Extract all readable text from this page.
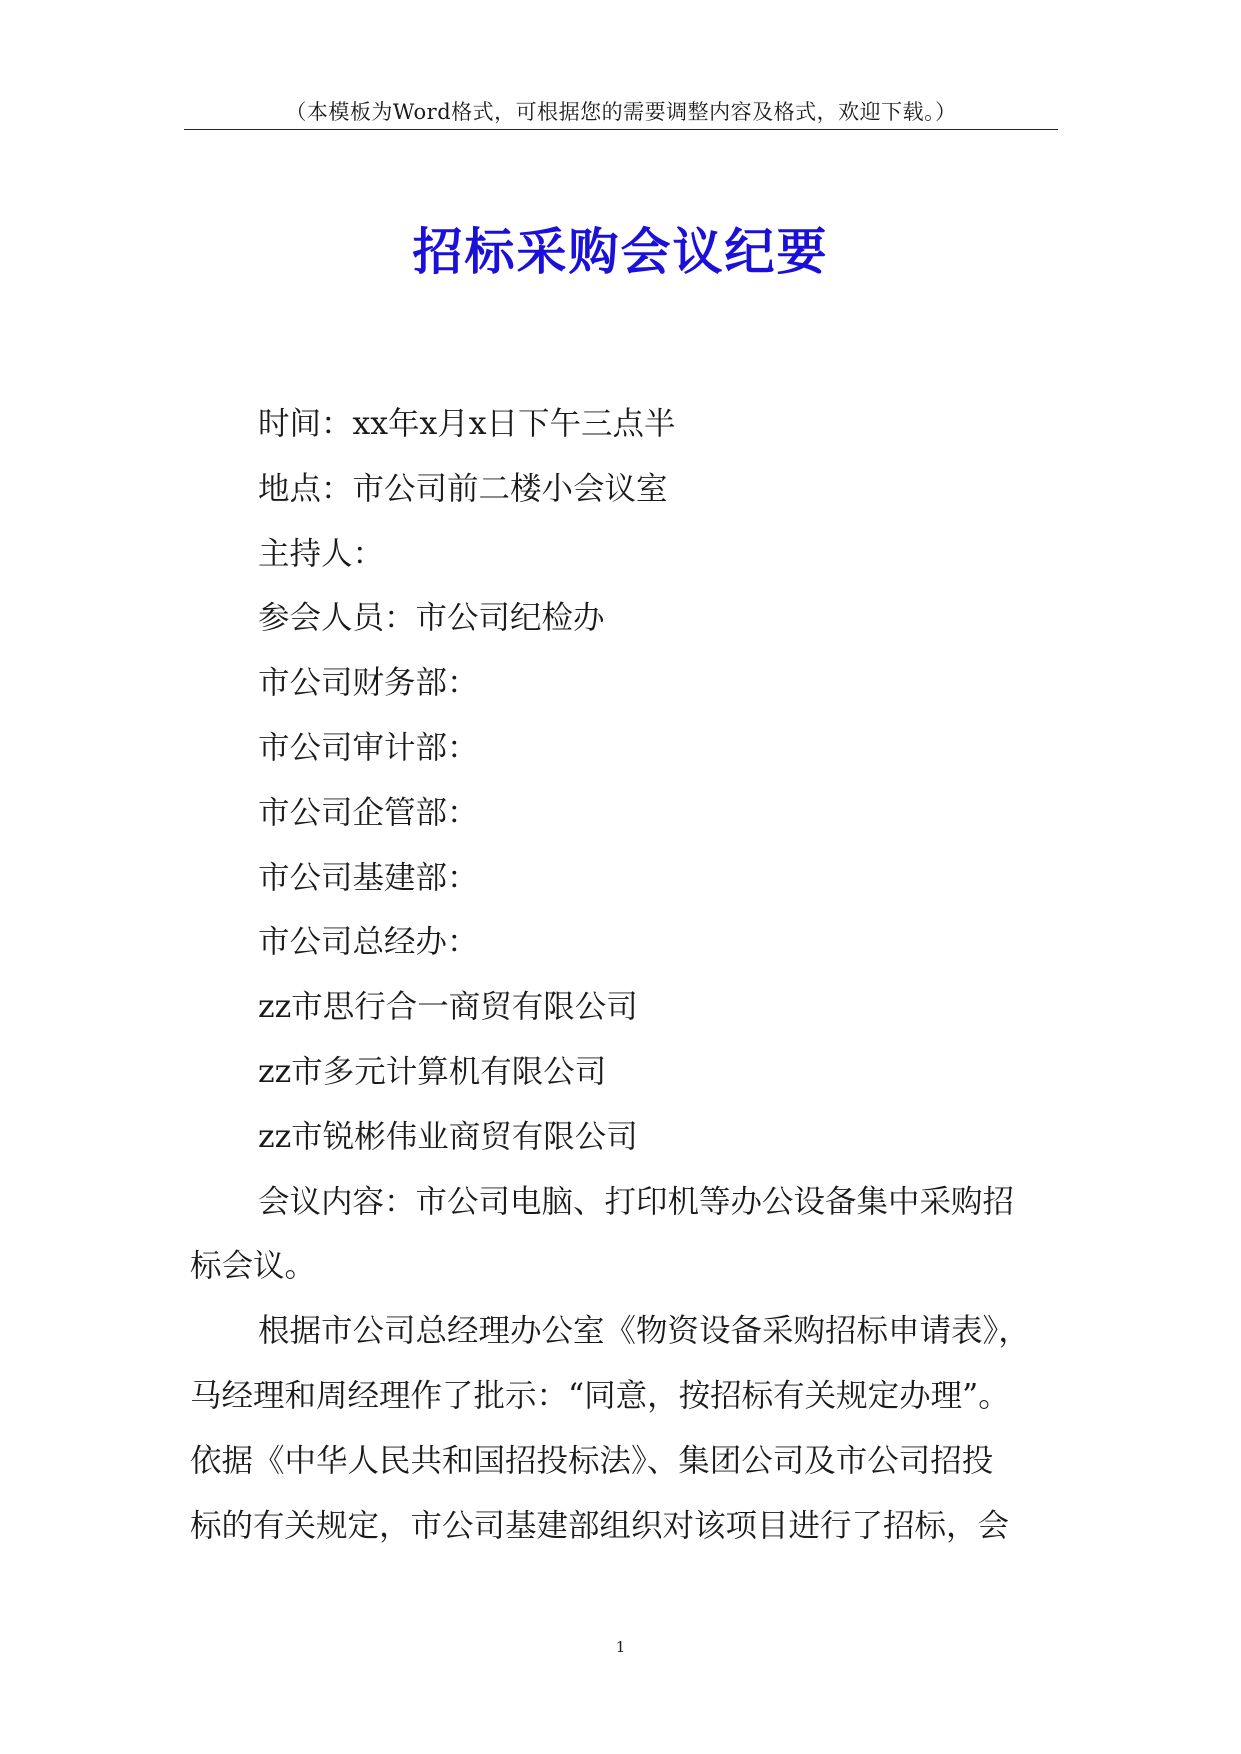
（本模板为Word格式，可根据您的需要调整内容及格式，欢迎下载。）
招标采购会议纪要
时间：xx年x月x日下午三点半
地点：市公司前二楼小会议室
主持人：
参会人员：市公司纪检办
市公司财务部：
市公司审计部：
市公司企管部：
市公司基建部：
市公司总经办：
zz市思行合一商贸有限公司
zz市多元计算机有限公司
zz市锐彬伟业商贸有限公司
会议内容：市公司电脑、打印机等办公设备集中采购招
标会议。
根据市公司总经理办公室《物资设备采购招标申请表》，
马经理和周经理作了批示：“同意，按招标有关规定办理”。
依据《中华人民共和国招投标法》、集团公司及市公司招投
标的有关规定，市公司基建部组织对该项目进行了招标，会
1
